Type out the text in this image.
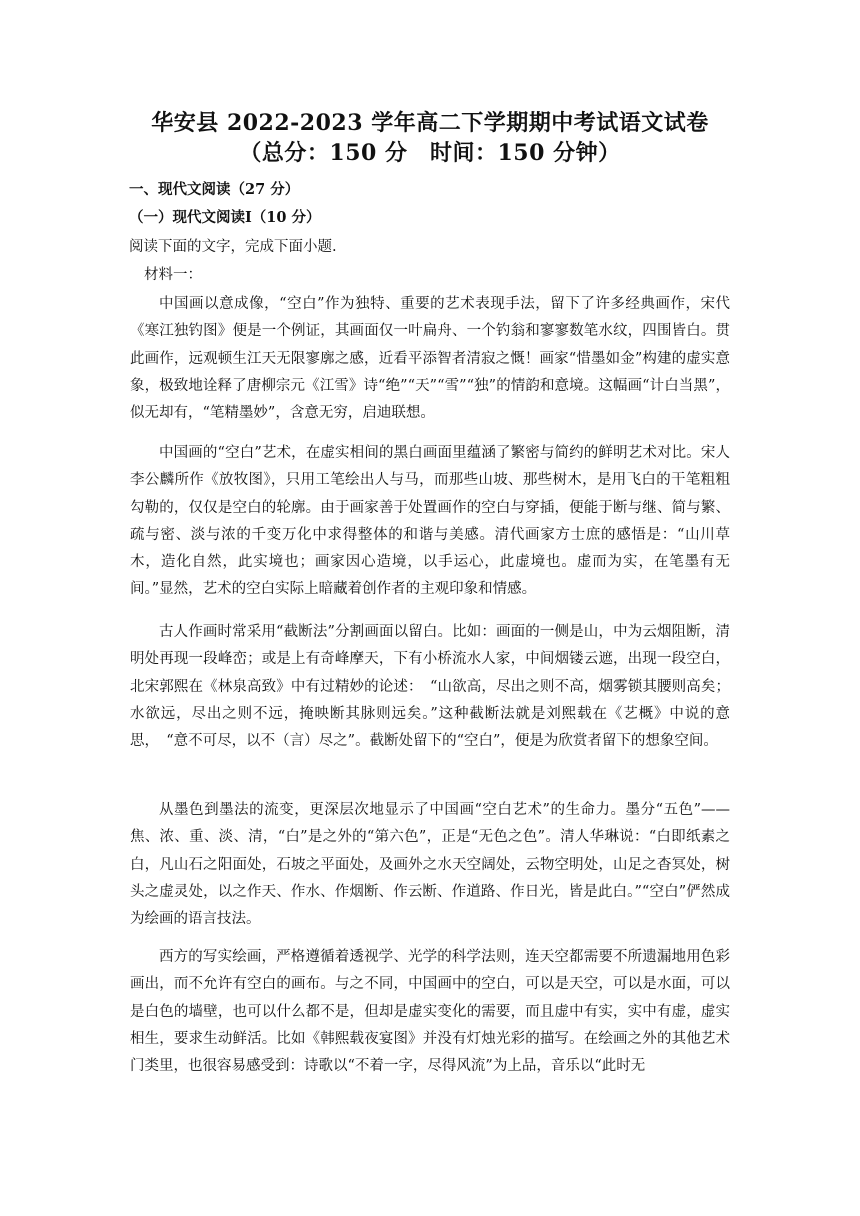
华安县 2022-2023 学年高二下学期期中考试语文试卷
（总分：150 分　时间：150 分钟）
一、现代文阅读（27 分）
（一）现代文阅读Ⅰ（10 分）
阅读下面的文字，完成下面小题.
材料一：
中国画以意成像，“空白”作为独特、重要的艺术表现手法，留下了许多经典画作，宋代《寒江独钓图》便是一个例证，其画面仅一叶扁舟、一个钓翁和寥寥数笔水纹，四围皆白。贯此画作，远观顿生江天无限寥廓之感，近看平添智者清寂之慨！画家“惜墨如金”构建的虚实意象，极致地诠释了唐柳宗元《江雪》诗“绝”“天”“雪”“独”的情韵和意境。这幅画“计白当黑”，似无却有，“笔精墨妙”，含意无穷，启迪联想。
中国画的“空白”艺术，在虚实相间的黑白画面里蕴涵了繁密与简约的鲜明艺术对比。宋人李公麟所作《放牧图》，只用工笔绘出人与马，而那些山坡、那些树木，是用飞白的干笔粗粗勾勒的，仅仅是空白的轮廓。由于画家善于处置画作的空白与穿插，便能于断与继、简与繁、疏与密、淡与浓的千变万化中求得整体的和谐与美感。清代画家方士庶的感悟是：“山川草木，造化自然，此实境也；画家因心造境，以手运心，此虚境也。虚而为实，在笔墨有无间。”显然，艺术的空白实际上暗藏着创作者的主观印象和情感。
古人作画时常采用“截断法”分割画面以留白。比如：画面的一侧是山，中为云烟阻断，清明处再现一段峰峦；或是上有奇峰摩天，下有小桥流水人家，中间烟镂云遮，出现一段空白，北宋郭熙在《林泉高致》中有过精妙的论述：　“山欲高，尽出之则不高，烟雾锁其腰则高矣；水欲远，尽出之则不远，掩映断其脉则远矣。”这种截断法就是刘熙载在《艺概》中说的意思，　“意不可尽，以不（言）尽之”。截断处留下的“空白”，便是为欣赏者留下的想象空间。
从墨色到墨法的流变，更深层次地显示了中国画“空白艺术”的生命力。墨分“五色”——焦、浓、重、淡、清，“白”是之外的“第六色”，正是“无色之色”。清人华琳说：“白即纸素之白，凡山石之阳面处，石坡之平面处，及画外之水天空阔处，云物空明处，山足之杳冥处，树头之虚灵处，以之作天、作水、作烟断、作云断、作道路、作日光，皆是此白。”“空白”俨然成为绘画的语言技法。
西方的写实绘画，严格遵循着透视学、光学的科学法则，连天空都需要不所遗漏地用色彩画出，而不允许有空白的画布。与之不同，中国画中的空白，可以是天空，可以是水面，可以是白色的墙壁，也可以什么都不是，但却是虚实变化的需要，而且虚中有实，实中有虚，虚实相生，要求生动鲜活。比如《韩熙载夜宴图》并没有灯烛光彩的描写。在绘画之外的其他艺术门类里，也很容易感受到：诗歌以“不着一字，尽得风流”为上品，音乐以“此时无
